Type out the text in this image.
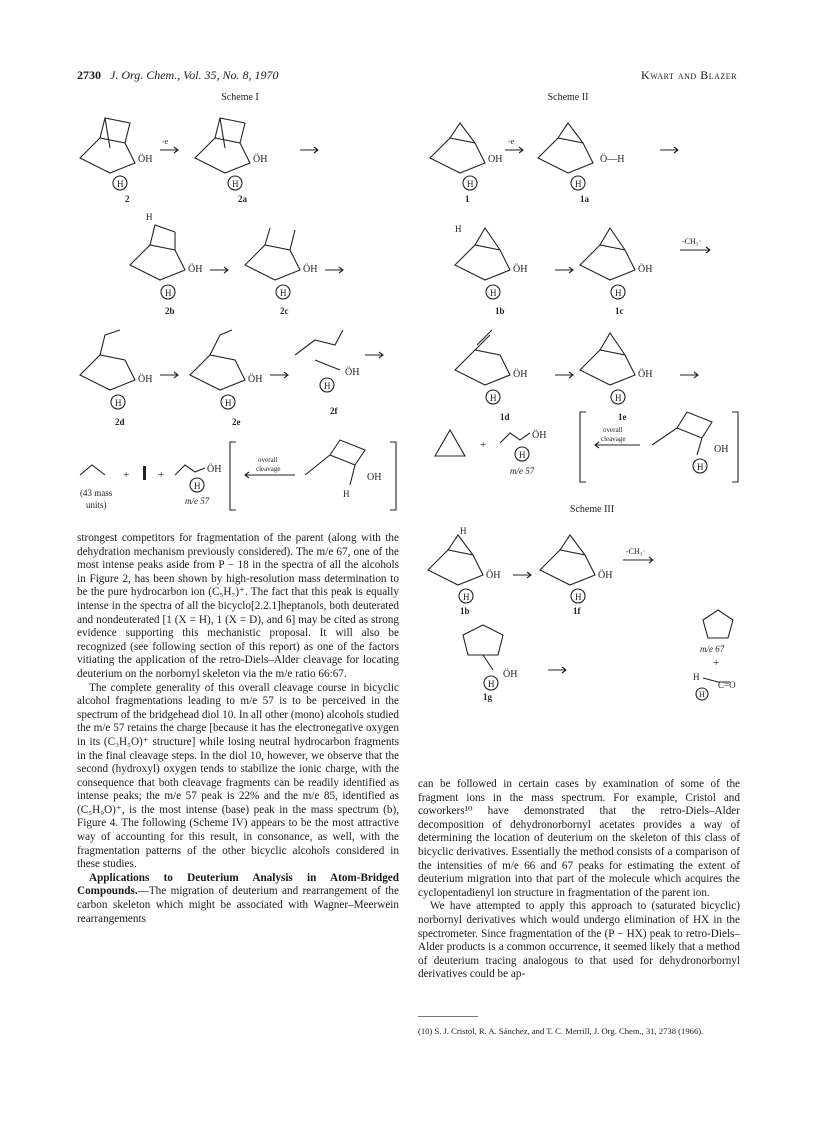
2730 J. Org. Chem., Vol. 35, No. 8, 1970	Kwart and Blazer
Scheme I	Scheme II
ÖH
H
2
-e
ÖH
H
2a
H
ÖH
H
2b
ÖH
H
2c
ÖH
H
2d
ÖH
H
2e
ÖH
H
2f
+	+
(43 mass
units)
ÖH
H
m/e 57
overall
cleavage
OH
H
OH
H
1
-e
Ö—H
H
1a
H
ÖH
H
1b
ÖH
H
1c
-CH₃·
ÖH
H
1d
ÖH
H
1e
+
ÖH
H
m/e 57
overall
cleavage
OH
H
Scheme III
H
ÖH
H
1b
ÖH
H
1f
-CH₃·
ÖH
H
1g
m/e 67
+
H
C=O
H

strongest competitors for fragmentation of the parent (along with the dehydration mechanism previously considered). The m/e 67, one of the most intense peaks aside from P − 18 in the spectra of all the alcohols in Figure 2, has been shown by high-resolution mass determination to be the pure hydrocarbon ion (C₅H₇)⁺. The fact that this peak is equally intense in the spectra of all the bicyclo[2.2.1]heptanols, both deuterated and nondeuterated [1 (X = H), 1 (X = D), and 6] may be cited as strong evidence supporting this mechanistic proposal. It will also be recognized (see following section of this report) as one of the factors vitiating the application of the retro-Diels–Alder cleavage for locating deuterium on the norbornyl skeleton via the m/e ratio 66:67.

The complete generality of this overall cleavage course in bicyclic alcohol fragmentations leading to m/e 57 is to be perceived in the spectrum of the bridgehead diol 10. In all other (mono) alcohols studied the m/e 57 retains the charge [because it has the electronegative oxygen in its (C₃H₅O)⁺ structure] while losing neutral hydrocarbon fragments in the final cleavage steps. In the diol 10, however, we observe that the second (hydroxyl) oxygen tends to stabilize the ionic charge, with the consequence that both cleavage fragments can be readily identified as intense peaks; the m/e 57 peak is 22% and the m/e 85, identified as (C₅H₉O)⁺, is the most intense (base) peak in the mass spectrum (b), Figure 4. The following (Scheme IV) appears to be the most attractive way of accounting for this result, in consonance, as well, with the fragmentation patterns of the other bicyclic alcohols considered in these studies.

Applications to Deuterium Analysis in Atom-Bridged Compounds.—The migration of deuterium and rearrangement of the carbon skeleton which might be associated with Wagner–Meerwein rearrangements

can be followed in certain cases by examination of some of the fragment ions in the mass spectrum. For example, Cristol and coworkers¹⁰ have demonstrated that the retro-Diels–Alder decomposition of dehydronorbornyl acetates provides a way of determining the location of deuterium on the skeleton of this class of bicyclic derivatives. Essentially the method consists of a comparison of the intensities of m/e 66 and 67 peaks for estimating the extent of deuterium migration into that part of the molecule which acquires the cyclopentadienyl ion structure in fragmentation of the parent ion.

We have attempted to apply this approach to (saturated bicyclic) norbornyl derivatives which would undergo elimination of HX in the spectrometer. Since fragmentation of the (P − HX) peak to retro-Diels–Alder products is a common occurrence, it seemed likely that a method of deuterium tracing analogous to that used for dehydronorbornyl derivatives could be ap-

(10) S. J. Cristol, R. A. Sánchez, and T. C. Merrill, J. Org. Chem., 31, 2738 (1966).
